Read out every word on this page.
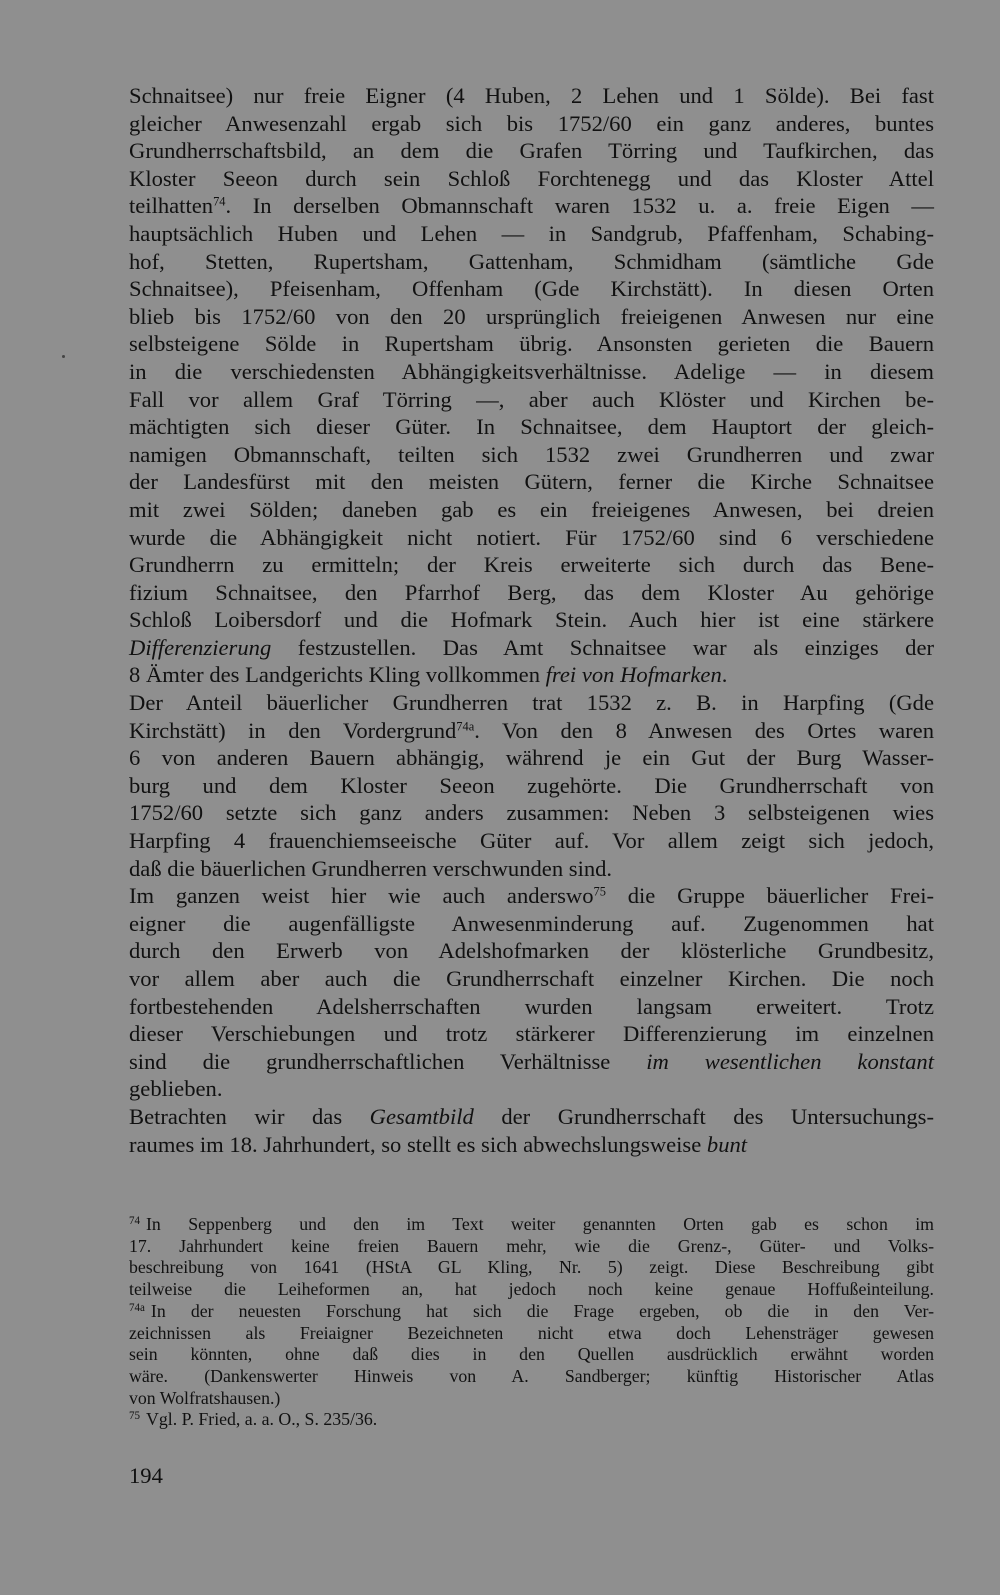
Schnaitsee) nur freie Eigner (4 Huben, 2 Lehen und 1 Sölde). Bei fast
gleicher Anwesenzahl ergab sich bis 1752/60 ein ganz anderes, buntes
Grundherrschaftsbild, an dem die Grafen Törring und Taufkirchen, das
Kloster Seeon durch sein Schloß Forchtenegg und das Kloster Attel
teilhatten$^{74}$. In derselben Obmannschaft waren 1532 u. a. freie Eigen —
hauptsächlich Huben und Lehen — in Sandgrub, Pfaffenham, Schabing-
hof, Stetten, Rupertsham, Gattenham, Schmidham (sämtliche Gde
Schnaitsee), Pfeisenham, Offenham (Gde Kirchstätt). In diesen Orten
blieb bis 1752/60 von den 20 ursprünglich freieigenen Anwesen nur eine
selbsteigene Sölde in Rupertsham übrig. Ansonsten gerieten die Bauern
in die verschiedensten Abhängigkeitsverhältnisse. Adelige — in diesem
Fall vor allem Graf Törring —, aber auch Klöster und Kirchen be-
mächtigten sich dieser Güter. In Schnaitsee, dem Hauptort der gleich-
namigen Obmannschaft, teilten sich 1532 zwei Grundherren und zwar
der Landesfürst mit den meisten Gütern, ferner die Kirche Schnaitsee
mit zwei Sölden; daneben gab es ein freieigenes Anwesen, bei dreien
wurde die Abhängigkeit nicht notiert. Für 1752/60 sind 6 verschiedene
Grundherrn zu ermitteln; der Kreis erweiterte sich durch das Bene-
fizium Schnaitsee, den Pfarrhof Berg, das dem Kloster Au gehörige
Schloß Loibersdorf und die Hofmark Stein. Auch hier ist eine stärkere
Differenzierung festzustellen. Das Amt Schnaitsee war als einziges der
8 Ämter des Landgerichts Kling vollkommen frei von Hofmarken.
Der Anteil bäuerlicher Grundherren trat 1532 z. B. in Harpfing (Gde
Kirchstätt) in den Vordergrund$^{74a}$. Von den 8 Anwesen des Ortes waren
6 von anderen Bauern abhängig, während je ein Gut der Burg Wasser-
burg und dem Kloster Seeon zugehörte. Die Grundherrschaft von
1752/60 setzte sich ganz anders zusammen: Neben 3 selbsteigenen wies
Harpfing 4 frauenchiemseeische Güter auf. Vor allem zeigt sich jedoch,
daß die bäuerlichen Grundherren verschwunden sind.
Im ganzen weist hier wie auch anderswo$^{75}$ die Gruppe bäuerlicher Frei-
eigner die augenfälligste Anwesenminderung auf. Zugenommen hat
durch den Erwerb von Adelshofmarken der klösterliche Grundbesitz,
vor allem aber auch die Grundherrschaft einzelner Kirchen. Die noch
fortbestehenden Adelsherrschaften wurden langsam erweitert. Trotz
dieser Verschiebungen und trotz stärkerer Differenzierung im einzelnen
sind die grundherrschaftlichen Verhältnisse im wesentlichen konstant
geblieben.
Betrachten wir das Gesamtbild der Grundherrschaft des Untersuchungs-
raumes im 18. Jahrhundert, so stellt es sich abwechslungsweise bunt
$^{74}$ In Seppenberg und den im Text weiter genannten Orten gab es schon im
17. Jahrhundert keine freien Bauern mehr, wie die Grenz-, Güter- und Volks-
beschreibung von 1641 (HStA GL Kling, Nr. 5) zeigt. Diese Beschreibung gibt
teilweise die Leiheformen an, hat jedoch noch keine genaue Hoffußeinteilung.
$^{74a}$ In der neuesten Forschung hat sich die Frage ergeben, ob die in den Ver-
zeichnissen als Freiaigner Bezeichneten nicht etwa doch Lehensträger gewesen
sein könnten, ohne daß dies in den Quellen ausdrücklich erwähnt worden
wäre. (Dankenswerter Hinweis von A. Sandberger; künftig Historischer Atlas
von Wolfratshausen.)
$^{75}$ Vgl. P. Fried, a. a. O., S. 235/36.
194
